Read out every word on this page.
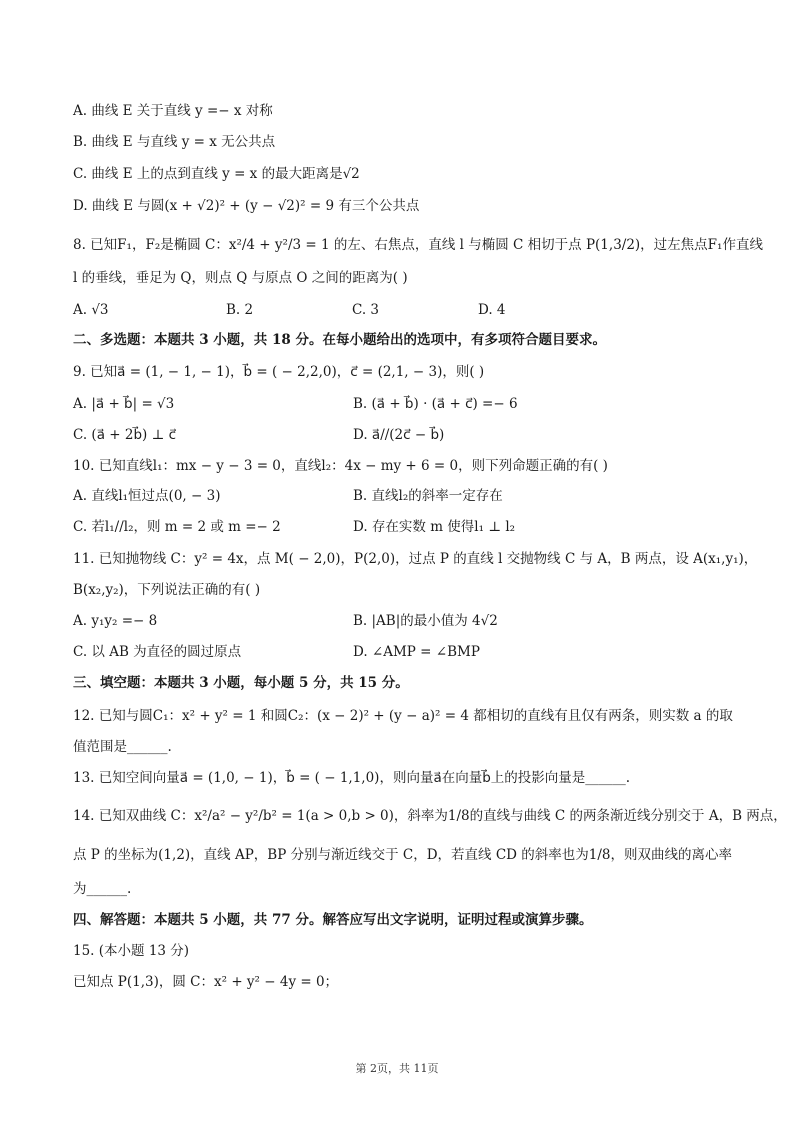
A. 曲线 E 关于直线 y =− x 对称
B. 曲线 E 与直线 y = x 无公共点
C. 曲线 E 上的点到直线 y = x 的最大距离是√2
D. 曲线 E 与圆(x + √2)² + (y − √2)² = 9 有三个公共点
8. 已知F₁，F₂是椭圆 C：x²/4 + y²/3 = 1 的左、右焦点，直线 l 与椭圆 C 相切于点 P(1,3/2)，过左焦点F₁作直线
l 的垂线，垂足为 Q，则点 Q 与原点 O 之间的距离为( )
A. √3	B. 2	C. 3	D. 4
二、多选题：本题共 3 小题，共 18 分。在每小题给出的选项中，有多项符合题目要求。
9. 已知a⃗ = (1, − 1, − 1)，b⃗ = ( − 2,2,0)，c⃗ = (2,1, − 3)，则( )
A. |a⃗ + b⃗| = √3	B. (a⃗ + b⃗) · (a⃗ + c⃗) =− 6
C. (a⃗ + 2b⃗) ⊥ c⃗	D. a⃗//(2c⃗ − b⃗)
10. 已知直线l₁：mx − y − 3 = 0，直线l₂：4x − my + 6 = 0，则下列命题正确的有( )
A. 直线l₁恒过点(0, − 3)	B. 直线l₂的斜率一定存在
C. 若l₁//l₂，则 m = 2 或 m =− 2	D. 存在实数 m 使得l₁ ⊥ l₂
11. 已知抛物线 C：y² = 4x，点 M( − 2,0)，P(2,0)，过点 P 的直线 l 交抛物线 C 与 A，B 两点，设 A(x₁,y₁)，
B(x₂,y₂)，下列说法正确的有( )
A. y₁y₂ =− 8	B. |AB|的最小值为 4√2
C. 以 AB 为直径的圆过原点	D. ∠AMP = ∠BMP
三、填空题：本题共 3 小题，每小题 5 分，共 15 分。
12. 已知与圆C₁：x² + y² = 1 和圆C₂：(x − 2)² + (y − a)² = 4 都相切的直线有且仅有两条，则实数 a 的取
值范围是______.
13. 已知空间向量a⃗ = (1,0, − 1)，b⃗ = ( − 1,1,0)，则向量a⃗在向量b⃗上的投影向量是______.
14. 已知双曲线 C：x²/a² − y²/b² = 1(a > 0,b > 0)，斜率为1/8的直线与曲线 C 的两条渐近线分别交于 A，B 两点，
点 P 的坐标为(1,2)，直线 AP，BP 分别与渐近线交于 C，D，若直线 CD 的斜率也为1/8，则双曲线的离心率
为______.
四、解答题：本题共 5 小题，共 77 分。解答应写出文字说明，证明过程或演算步骤。
15. (本小题 13 分)
已知点 P(1,3)，圆 C：x² + y² − 4y = 0；
第 2页，共 11页
